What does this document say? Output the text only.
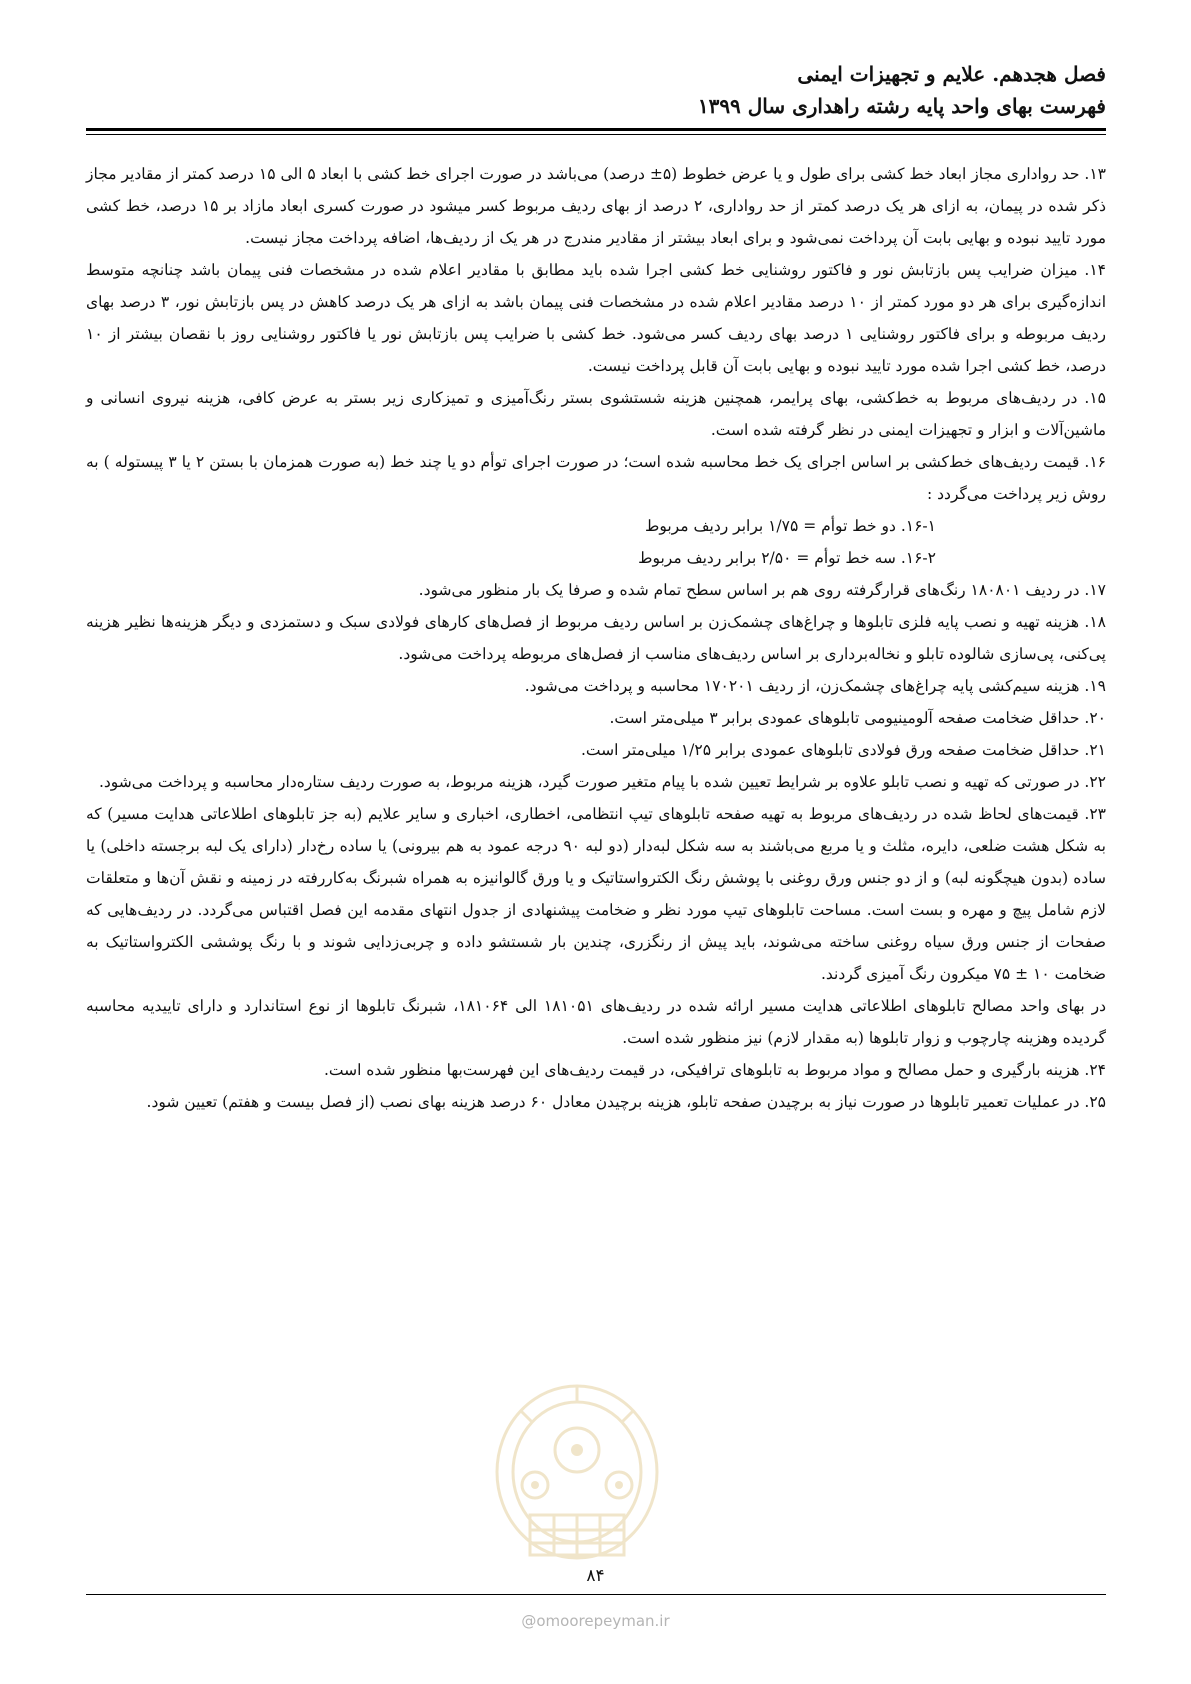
فصل هجدهم. علایم و تجهیزات ایمنی
فهرست بهای واحد پایه رشته راهداری سال ۱۳۹۹

۱۳. حد رواداری مجاز ابعاد خط کشی برای طول و یا عرض خطوط (۵± درصد) می‌باشد در صورت اجرای خط کشی با ابعاد ۵ الی ۱۵ درصد کمتر از مقادیر مجاز ذکر شده در پیمان، به ازای هر یک درصد کمتر از حد رواداری، ۲ درصد از بهای ردیف مربوط کسر میشود در صورت کسری ابعاد مازاد بر ۱۵ درصد، خط کشی مورد تایید نبوده و بهایی بابت آن پرداخت نمی‌شود و برای ابعاد بیشتر از مقادیر مندرج در هر یک از ردیف‌ها، اضافه پرداخت مجاز نیست.

۱۴. میزان ضرایب پس بازتابش نور و فاکتور روشنایی خط کشی اجرا شده باید مطابق با مقادیر اعلام شده در مشخصات فنی پیمان باشد چنانچه متوسط اندازه‌گیری برای هر دو مورد کمتر از ۱۰ درصد مقادیر اعلام شده در مشخصات فنی پیمان باشد به ازای هر یک درصد کاهش در پس بازتابش نور، ۳ درصد بهای ردیف مربوطه و برای فاکتور روشنایی ۱ درصد بهای ردیف کسر می‌شود. خط کشی با ضرایب پس بازتابش نور یا فاکتور روشنایی روز با نقصان بیشتر از ۱۰ درصد، خط کشی اجرا شده مورد تایید نبوده و بهایی بابت آن قابل پرداخت نیست.

۱۵. در ردیف‌های مربوط به خط‌کشی، بهای پرایمر، همچنین هزینه شستشوی بستر رنگ‌آمیزی و تمیزکاری زیر بستر به عرض کافی، هزینه نیروی انسانی و ماشین‌آلات و ابزار و تجهیزات ایمنی در نظر گرفته شده است.

۱۶. قیمت ردیف‌های خط‌کشی بر اساس اجرای یک خط محاسبه شده است؛ در صورت اجرای توأم دو یا چند خط (به صورت همزمان با بستن ۲ یا ۳ پیستوله ) به روش زیر پرداخت می‌گردد :

۱۶-۱. دو خط توأم = ۱/۷۵ برابر ردیف مربوط

۱۶-۲. سه خط توأم = ۲/۵۰ برابر ردیف مربوط

۱۷. در ردیف ۱۸۰۸۰۱ رنگ‌های قرارگرفته روی هم بر اساس سطح تمام شده و صرفا یک بار منظور می‌شود.

۱۸. هزینه تهیه و نصب پایه فلزی تابلوها و چراغ‌های چشمک‌زن بر اساس ردیف مربوط از فصل‌های کارهای فولادی سبک و دستمزدی و دیگر هزینه‌ها نظیر هزینه پی‌کنی، پی‌سازی شالوده تابلو و نخاله‌برداری بر اساس ردیف‌های مناسب از فصل‌های مربوطه پرداخت می‌شود.

۱۹. هزینه سیم‌کشی پایه چراغ‌های چشمک‌زن، از ردیف ۱۷۰۲۰۱ محاسبه و پرداخت می‌شود.

۲۰. حداقل ضخامت صفحه آلومینیومی تابلوهای عمودی برابر ۳ میلی‌متر است.

۲۱. حداقل ضخامت صفحه ورق فولادی تابلوهای عمودی برابر ۱/۲۵ میلی‌متر است.

۲۲. در صورتی که تهیه و نصب تابلو علاوه بر شرایط تعیین شده با پیام متغیر صورت گیرد، هزینه مربوط، به صورت ردیف ستاره‌دار محاسبه و پرداخت می‌شود.

۲۳. قیمت‌های لحاظ شده در ردیف‌های مربوط به تهیه صفحه تابلوهای تیپ انتظامی، اخطاری، اخباری و سایر علایم (به جز تابلوهای اطلاعاتی هدایت مسیر) که به شکل هشت ضلعی، دایره، مثلث و یا مربع می‌باشند به سه شکل لبه‌دار (دو لبه ۹۰ درجه عمود به هم بیرونی) یا ساده رخ‌دار (دارای یک لبه برجسته داخلی) یا ساده (بدون هیچگونه لبه) و از دو جنس ورق روغنی با پوشش رنگ الکترواستاتیک و یا ورق گالوانیزه به همراه شبرنگ به‌کاررفته در زمینه و نقش آن‌ها و متعلقات لازم شامل پیچ و مهره و بست است. مساحت تابلوهای تیپ مورد نظر و ضخامت پیشنهادی از جدول انتهای مقدمه این فصل اقتباس می‌گردد. در ردیف‌هایی که صفحات از جنس ورق سیاه روغنی ساخته می‌شوند، باید پیش از رنگزری، چندین بار شستشو داده و چربی‌زدایی شوند و با رنگ پوششی الکترواستاتیک به ضخامت ۱۰ ± ۷۵ میکرون رنگ آمیزی گردند.

در بهای واحد مصالح تابلوهای اطلاعاتی هدایت مسیر ارائه شده در ردیف‌های ۱۸۱۰۵۱ الی ۱۸۱۰۶۴، شبرنگ تابلوها از نوع استاندارد و دارای تاییدیه محاسبه گردیده وهزینه چارچوب و زوار تابلوها (به مقدار لازم) نیز منظور شده است.

۲۴. هزینه بارگیری و حمل مصالح و مواد مربوط به تابلوهای ترافیکی، در قیمت ردیف‌های این فهرست‌بها منظور شده است.

۲۵. در عملیات تعمیر تابلوها در صورت نیاز به برچیدن صفحه تابلو، هزینه برچیدن معادل ۶۰ درصد هزینه بهای نصب (از فصل بیست و هفتم) تعیین شود.

۸۴
@omoorepeyman.ir
